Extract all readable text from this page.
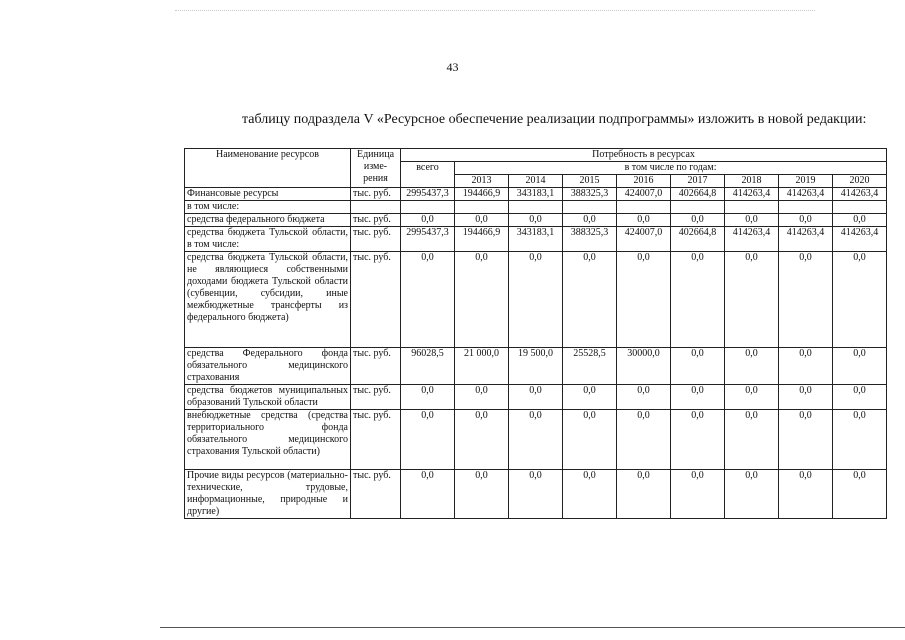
43
таблицу подраздела V «Ресурсное обеспечение реализации подпрограммы» изложить в новой редакции:
Наименование ресурсов	Единица изме-рения	Потребность в ресурсах								
		всего	в том числе по годам:							
			2013	2014	2015	2016	2017	2018	2019	2020
Финансовые ресурсы	тыс. руб.	2995437,3	194466,9	343183,1	388325,3	424007,0	402664,8	414263,4	414263,4	414263,4
в том числе:										
средства федерального бюджета	тыс. руб.	0,0	0,0	0,0	0,0	0,0	0,0	0,0	0,0	0,0
средства бюджета Тульской области, в том числе:	тыс. руб.	2995437,3	194466,9	343183,1	388325,3	424007,0	402664,8	414263,4	414263,4	414263,4
средства бюджета Тульской области, не являющиеся собственными доходами бюджета Тульской области (субвенции, субсидии, иные межбюджетные трансферты из федерального бюджета)	тыс. руб.	0,0	0,0	0,0	0,0	0,0	0,0	0,0	0,0	0,0
средства Федерального фонда обязательного медицинского страхования	тыс. руб.	96028,5	21 000,0	19 500,0	25528,5	30000,0	0,0	0,0	0,0	0,0
средства бюджетов муниципальных образований Тульской области	тыс. руб.	0,0	0,0	0,0	0,0	0,0	0,0	0,0	0,0	0,0
внебюджетные средства (средства территориального фонда обязательного медицинского страхования Тульской области)	тыс. руб.	0,0	0,0	0,0	0,0	0,0	0,0	0,0	0,0	0,0
Прочие виды ресурсов (материально-технические, трудовые, информационные, природные и другие)	тыс. руб.	0,0	0,0	0,0	0,0	0,0	0,0	0,0	0,0	0,0
